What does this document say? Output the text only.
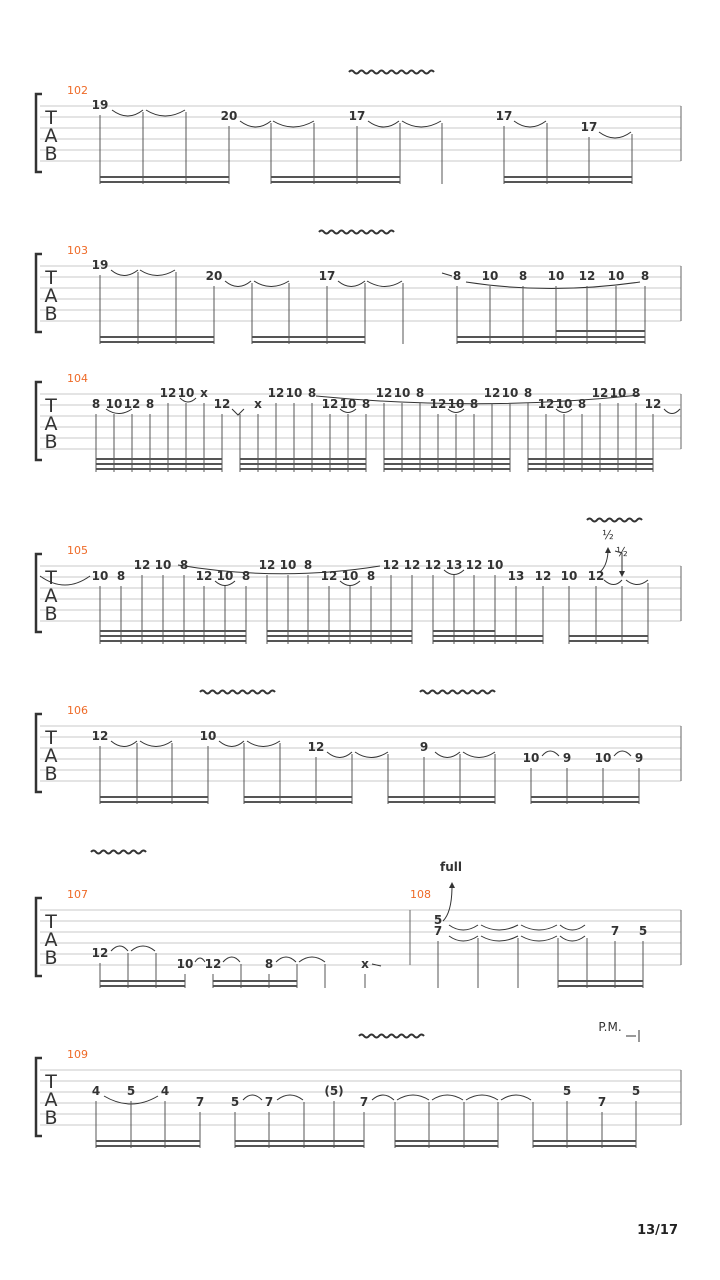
T
A
B
102
19
20	17	17
17
T
A
B
103
19
20	17	8 10 8 10 12 10 8
T
A
B
104
8 10 12 8
12 10 x
12 x
12 10 8
12 10 8
12 10 8
12 10 8
12 10 8
12 10 8
12 10 8
12
T
A
B
105
½
½
10 8
12 10 8
12 10 8
12 10 8
12 10 8
12 12 12 13 12 10
13 12 10 12
T
A
B
106
12	10
12	9
10 9 10 9
T
A
B
107	108
full
12
10 12	8	x
5
7	7 5
T
A
B
109
P.M.
4 5 4
7 5 7
(5)
7
5
7
5
13/17
